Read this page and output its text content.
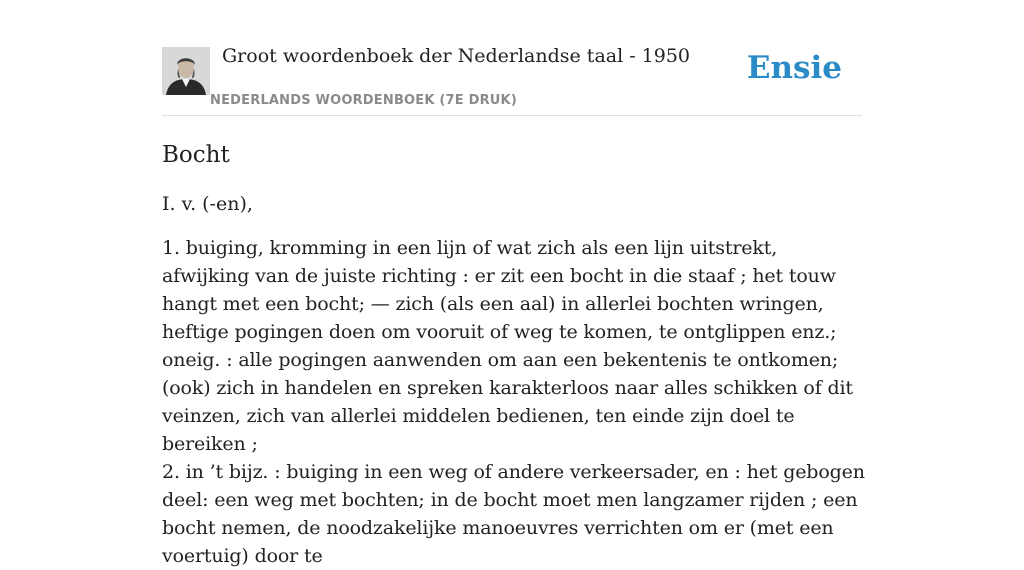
Groot woordenboek der Nederlandse taal - 1950
NEDERLANDS WOORDENBOEK (7E DRUK)
Ensie
Bocht

I. v. (-en),

1. buiging, kromming in een lijn of wat zich als een lijn uitstrekt, afwijking van de juiste richting : er zit een bocht in die staaf ; het touw hangt met een bocht; — zich (als een aal) in allerlei bochten wringen, heftige pogingen doen om vooruit of weg te komen, te ontglippen enz.; oneig. : alle pogingen aanwenden om aan een bekentenis te ontkomen; (ook) zich in handelen en spreken karakterloos naar alles schikken of dit veinzen, zich van allerlei middelen bedienen, ten einde zijn doel te bereiken ;

2. in ’t bijz. : buiging in een weg of andere verkeersader, en : het gebogen deel: een weg met bochten; in de bocht moet men langzamer rijden ; een bocht nemen, de noodzakelijke manoeuvres verrichten om er (met een voertuig) door te
